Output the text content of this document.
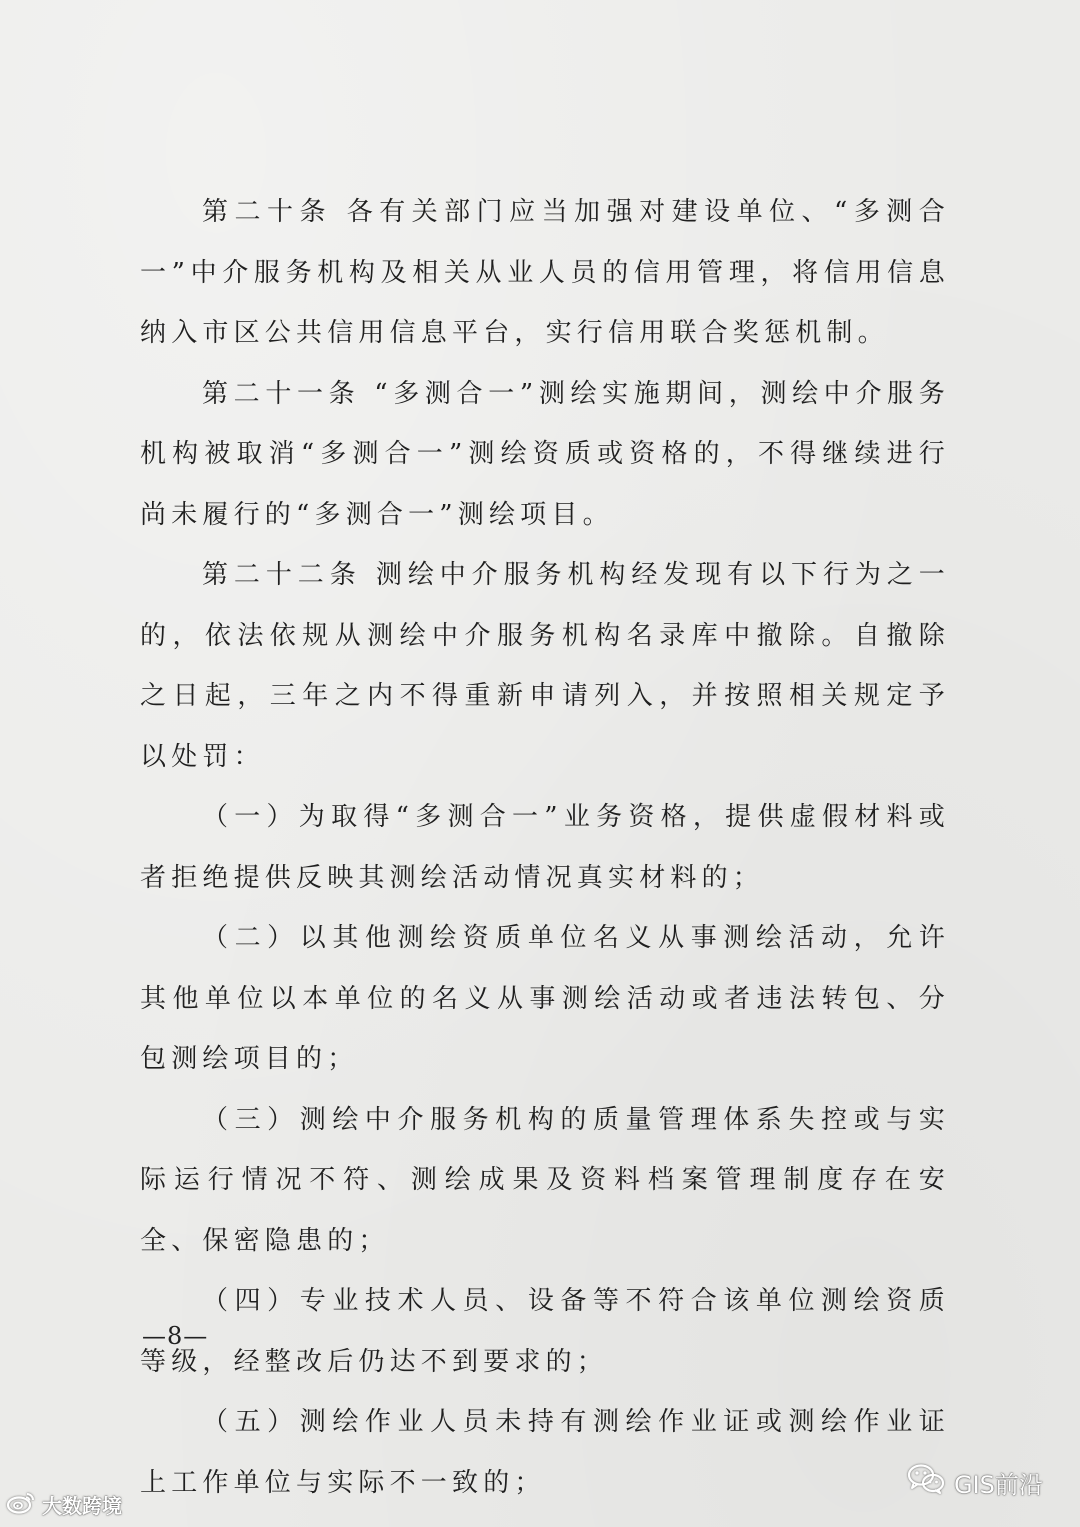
第二十条 各有关部门应当加强对建设单位、“多测合一”中介服务机构及相关从业人员的信用管理，将信用信息纳入市区公共信用信息平台，实行信用联合奖惩机制。

第二十一条 “多测合一”测绘实施期间，测绘中介服务机构被取消“多测合一”测绘资质或资格的，不得继续进行尚未履行的“多测合一”测绘项目。

第二十二条 测绘中介服务机构经发现有以下行为之一的，依法依规从测绘中介服务机构名录库中撤除。自撤除之日起，三年之内不得重新申请列入，并按照相关规定予以处罚：

（一）为取得“多测合一”业务资格，提供虚假材料或者拒绝提供反映其测绘活动情况真实材料的；

（二）以其他测绘资质单位名义从事测绘活动，允许其他单位以本单位的名义从事测绘活动或者违法转包、分包测绘项目的；

（三）测绘中介服务机构的质量管理体系失控或与实际运行情况不符、测绘成果及资料档案管理制度存在安全、保密隐患的；

（四）专业技术人员、设备等不符合该单位测绘资质等级，经整改后仍达不到要求的；

（五）测绘作业人员未持有测绘作业证或测绘作业证上工作单位与实际不一致的；

—8—
大数跨境
GIS前沿
